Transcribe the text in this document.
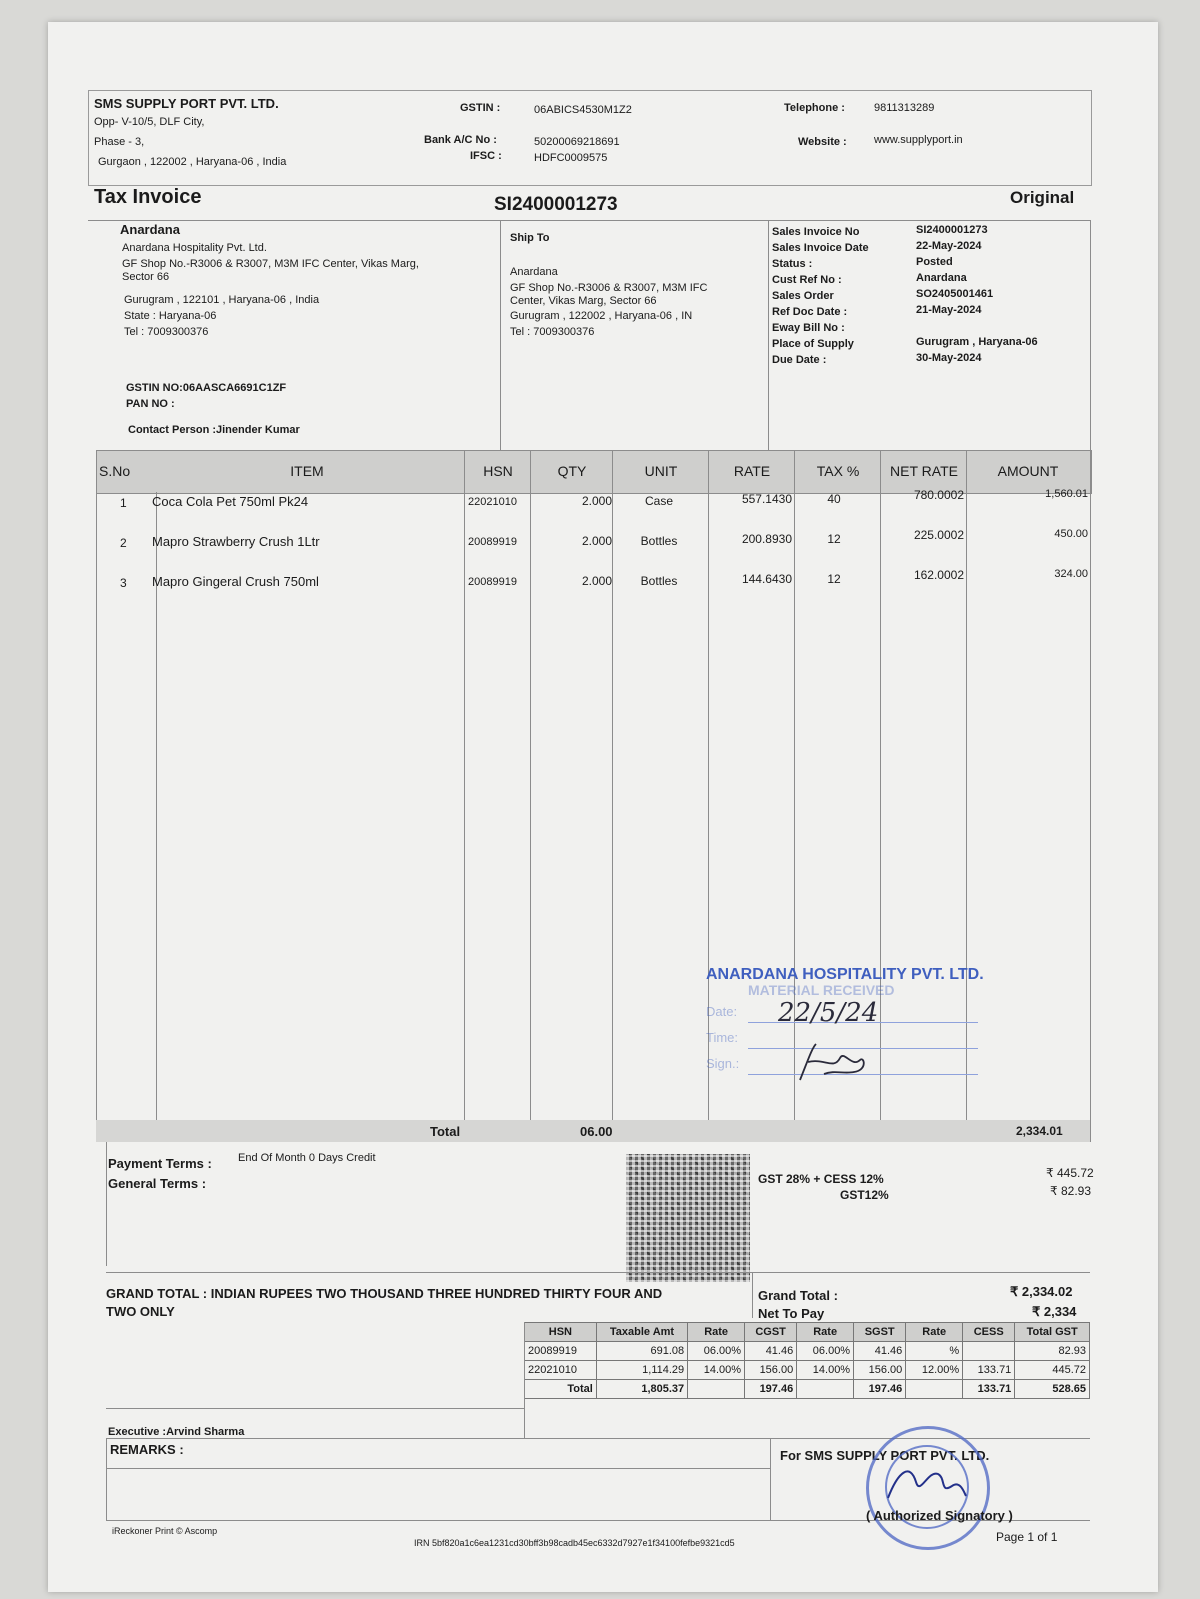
SMS SUPPLY PORT PVT. LTD.
Opp- V-10/5, DLF City,
Phase - 3,
Gurgaon , 122002 , Haryana-06 , India
GSTIN :	06ABICS4530M1Z2
Bank A/C No :	50200069218691
IFSC :	HDFC0009575
Telephone :	9811313289
Website : www.supplyport.in
Tax Invoice	SI2400001273	Original
Anardana
Anardana Hospitality Pvt. Ltd.
GF Shop No.-R3006 & R3007, M3M IFC Center, Vikas Marg,
Sector 66
Gurugram , 122101 , Haryana-06 , India
State : Haryana-06
Tel : 7009300376
GSTIN NO:06AASCA6691C1ZF
PAN NO :
Contact Person :Jinender Kumar
Ship To
Anardana
GF Shop No.-R3006 & R3007, M3M IFC
Center, Vikas Marg, Sector 66
Gurugram , 122002 , Haryana-06 , IN
Tel : 7009300376
Sales Invoice No	SI2400001273
Sales Invoice Date	22-May-2024
Status :	Posted
Cust Ref No :	Anardana
Sales Order	SO2405001461
Ref Doc Date :	21-May-2024
Eway Bill No :
Place of Supply	Gurugram , Haryana-06
Due Date :	30-May-2024
S.No	ITEM	HSN	QTY	UNIT	RATE	TAX %	NET RATE	AMOUNT
1 Coca Cola Pet 750ml Pk24	22021010	2.000	Case	557.1430	40	780.0002	1,560.01
2 Mapro Strawberry Crush 1Ltr	20089919	2.000	Bottles	200.8930	12	225.0002	450.00
3 Mapro Gingeral Crush 750ml	20089919	2.000	Bottles	144.6430	12	162.0002	324.00
ANARDANA HOSPITALITY PVT. LTD.
MATERIAL RECEIVED
Date:
Time:
Sign.:
22/5/24
Total	06.00	2,334.01
Payment Terms : End Of Month 0 Days Credit
General Terms :	GST 28% + CESS 12%	₹ 445.72
GST12%	₹ 82.93
GRAND TOTAL : INDIAN RUPEES TWO THOUSAND THREE HUNDRED THIRTY FOUR AND
TWO ONLY
Grand Total :	₹ 2,334.02
Net To Pay	₹ 2,334
HSN	Taxable Amt	Rate	CGST	Rate	SGST	Rate	CESS	Total GST
20089919	691.08	06.00%	41.46	06.00%	41.46	%		82.93
22021010	1,114.29	14.00%	156.00	14.00%	156.00	12.00%	133.71	445.72
Total	1,805.37		197.46		197.46		133.71	528.65
Executive :Arvind Sharma
REMARKS :	For SMS SUPPLY PORT PVT. LTD.
( Authorized Signatory )
Page 1 of 1
iReckoner Print © Ascomp
IRN 5bf820a1c6ea1231cd30bff3b98cadb45ec6332d7927e1f34100fefbe9321cd5
